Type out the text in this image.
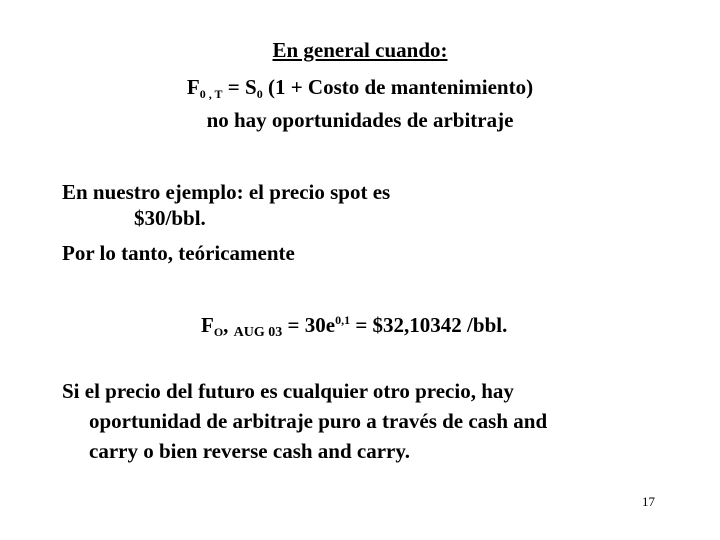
En general cuando:
$F_{0 , T} = S_0$ (1 + Costo de mantenimiento)
no hay oportunidades de arbitraje
En nuestro ejemplo: el precio spot es
$30/bbl.
Por lo tanto, teóricamente
$F_O$, $_{AUG 03} = 30e^{0,1}$ = $32,10342 /bbl.
Si el precio del futuro es cualquier otro precio, hay
oportunidad de arbitraje puro a través de cash and
carry o bien reverse cash and carry.
17
